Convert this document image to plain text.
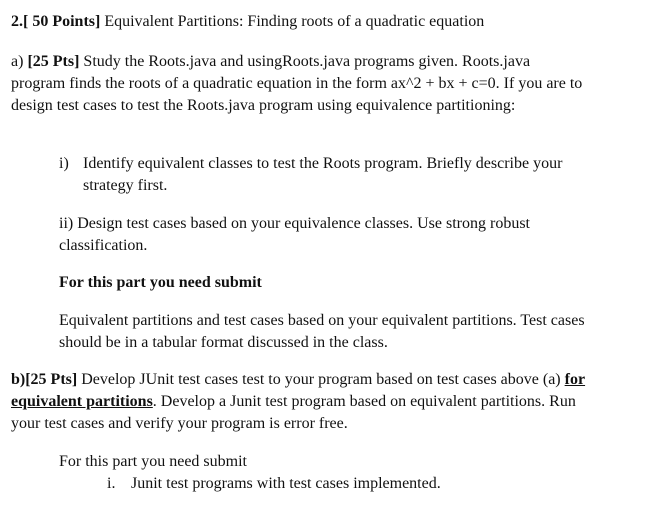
2.[ 50 Points] Equivalent Partitions: Finding roots of a quadratic equation
a) [25 Pts] Study the Roots.java and usingRoots.java programs given. Roots.java
program finds the roots of a quadratic equation in the form ax^2 + bx + c=0. If you are to
design test cases to test the Roots.java program using equivalence partitioning:
i) Identify equivalent classes to test the Roots program. Briefly describe your
strategy first.
ii) Design test cases based on your equivalence classes. Use strong robust
classification.
For this part you need submit
Equivalent partitions and test cases based on your equivalent partitions. Test cases
should be in a tabular format discussed in the class.
b)[25 Pts] Develop JUnit test cases test to your program based on test cases above (a) for
equivalent partitions. Develop a Junit test program based on equivalent partitions. Run
your test cases and verify your program is error free.
For this part you need submit
i. Junit test programs with test cases implemented.
